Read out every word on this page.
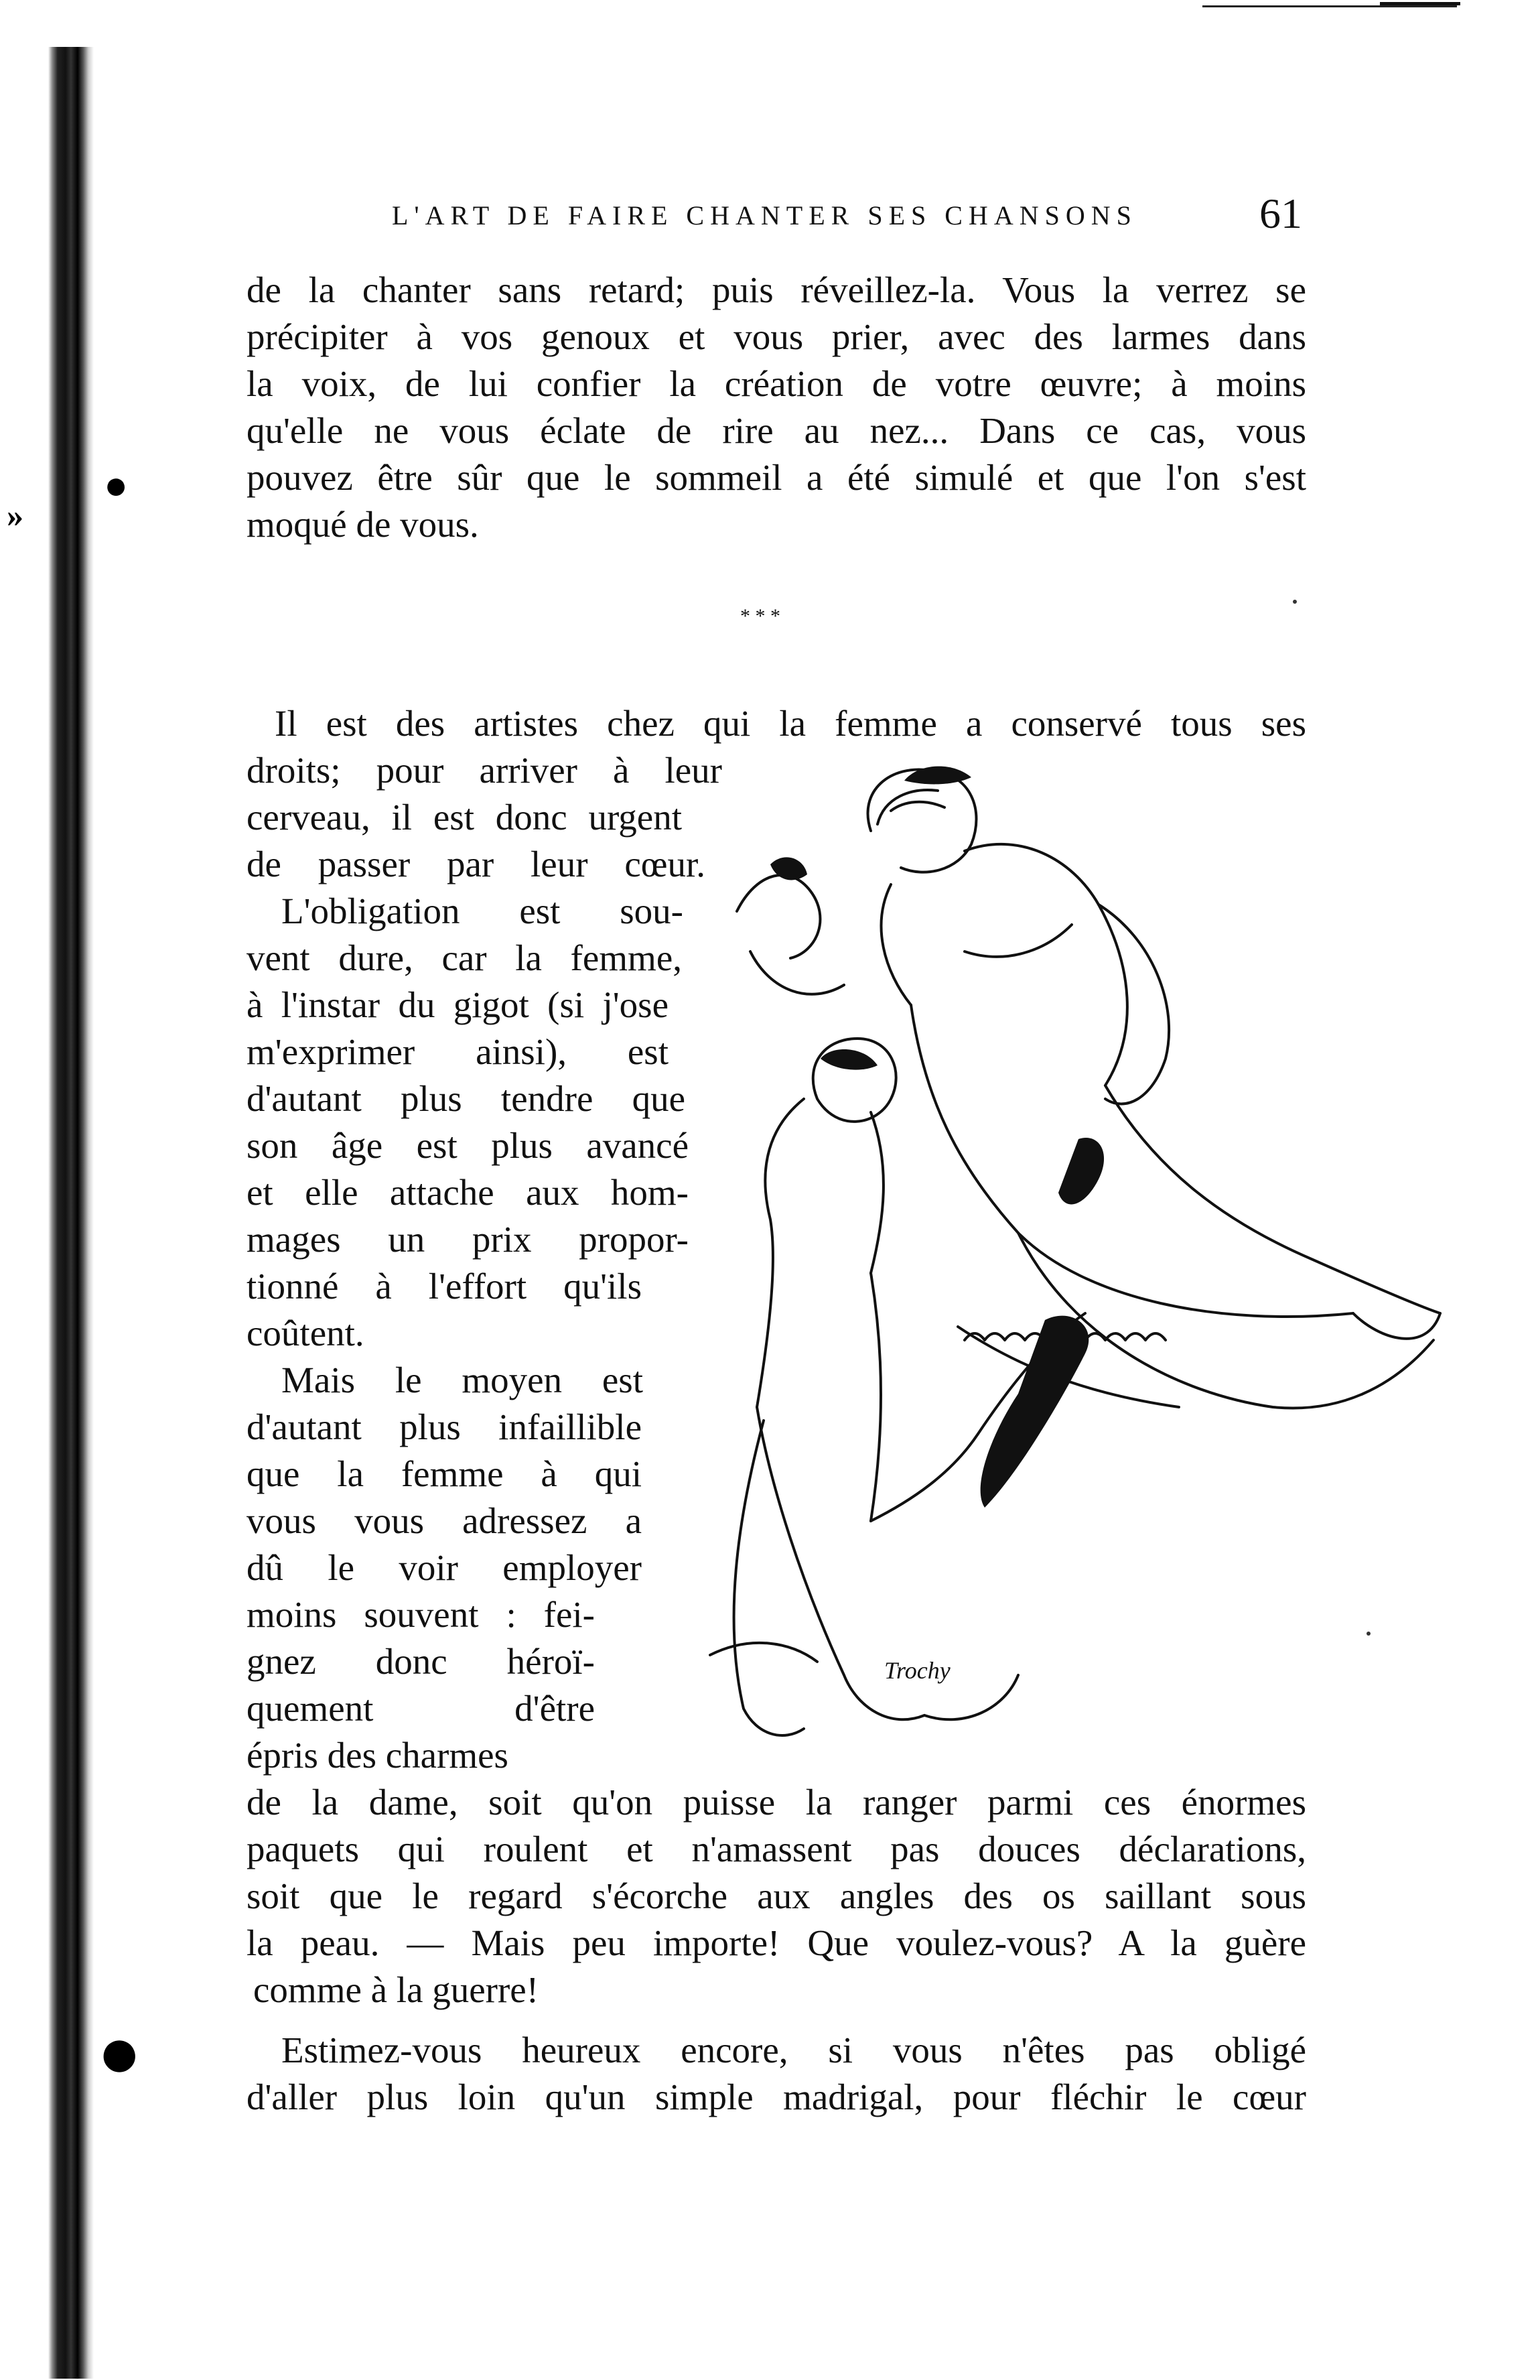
●
●
»
L'ART DE FAIRE CHANTER SES CHANSONS	61

de la chanter sans retard; puis réveillez-la. Vous la verrez se

précipiter à vos genoux et vous prier, avec des larmes dans

la voix, de lui confier la création de votre œuvre; à moins

qu'elle ne vous éclate de rire au nez... Dans ce cas, vous

pouvez être sûr que le sommeil a été simulé et que l'on s'est

moqué de vous.

* * *

Il est des artistes chez qui la femme a conservé tous ses

droits; pour arriver à leur

cerveau, il est donc urgent

de passer par leur cœur.

L'obligation est sou-

vent dure, car la femme,

à l'instar du gigot (si j'ose

m'exprimer ainsi), est

d'autant plus tendre que

son âge est plus avancé

et elle attache aux hom-

mages un prix propor-

tionné à l'effort qu'ils

coûtent.

Mais le moyen est

d'autant plus infaillible

que la femme à qui

vous vous adressez a

dû le voir employer

moins souvent : fei-

gnez donc héroï-

quement d'être

épris des charmes

de la dame, soit qu'on puisse la ranger parmi ces énormes

paquets qui roulent et n'amassent pas douces déclarations,

soit que le regard s'écorche aux angles des os saillant sous

la peau. — Mais peu importe! Que voulez-vous? A la guère

comme à la guerre!

Estimez-vous heureux encore, si vous n'êtes pas obligé

d'aller plus loin qu'un simple madrigal, pour fléchir le cœur

Trochy
